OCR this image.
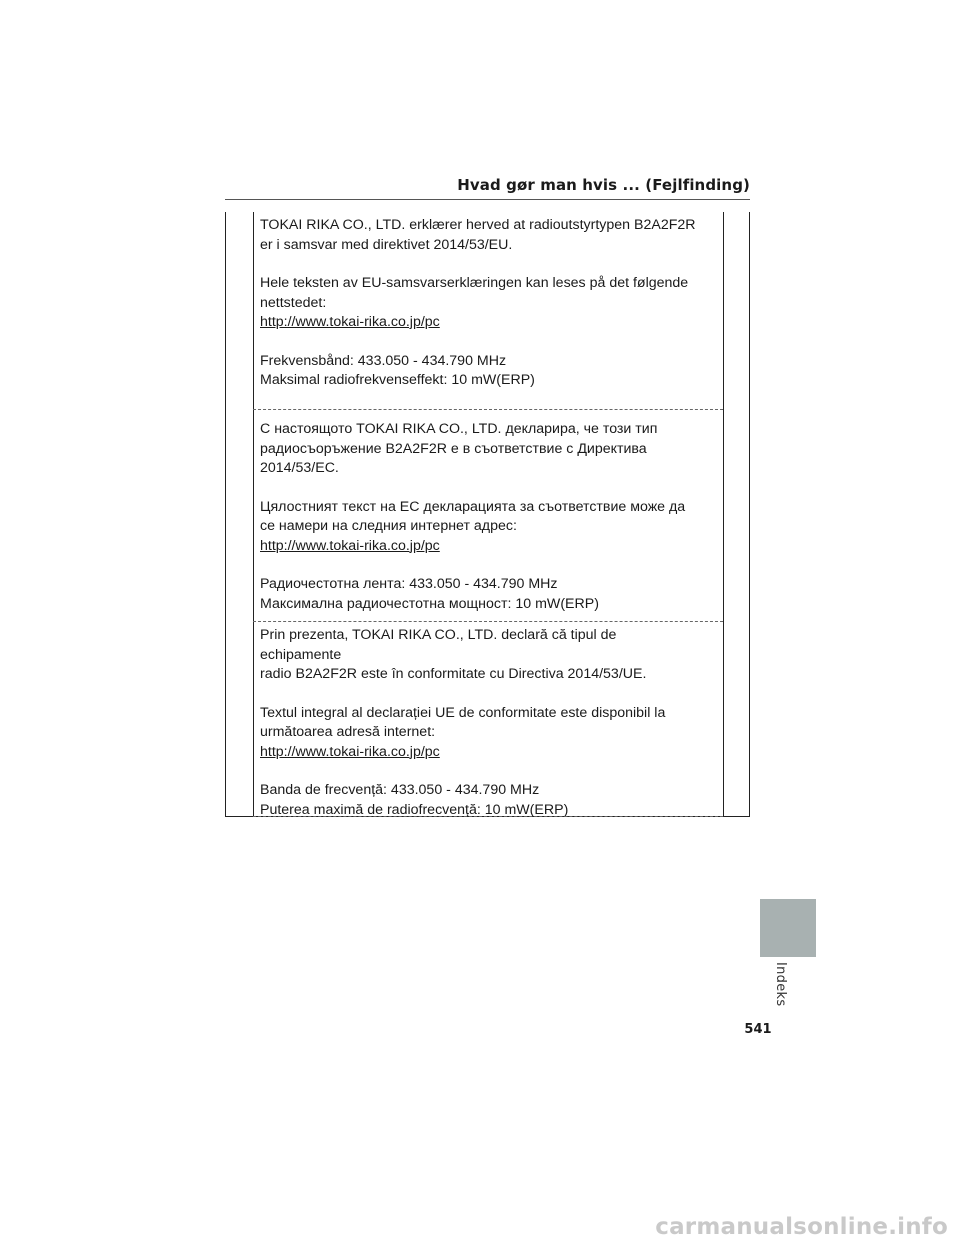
Hvad gør man hvis ... (Fejlfinding)

TOKAI RIKA CO., LTD. erklærer herved at radioutstyrtypen B2A2F2R

er i samsvar med direktivet 2014/53/EU.

Hele teksten av EU-samsvarserklæringen kan leses på det følgende

nettstedet:

http://www.tokai-rika.co.jp/pc

Frekvensbånd: 433.050 - 434.790 MHz

Maksimal radiofrekvenseffekt: 10 mW(ERP)

С настоящото TOKAI RIKA CO., LTD. декларира, че този тип

радиосъоръжение B2A2F2R е в съответствие с Директива

2014/53/ЕС.

Цялостният текст на ЕС декларацията за съответствие може да

се намери на следния интернет адрес:

http://www.tokai-rika.co.jp/pc

Радиочестотна лента: 433.050 - 434.790 MHz

Максимална радиочестотна мощност: 10 mW(ERP)

Prin prezenta, TOKAI RIKA CO., LTD. declară că tipul de echipamente

radio B2A2F2R este în conformitate cu Directiva 2014/53/UE.

Textul integral al declarației UE de conformitate este disponibil la

următoarea adresă internet:

http://www.tokai-rika.co.jp/pc

Banda de frecvență: 433.050 - 434.790 MHz

Puterea maximă de radiofrecvență: 10 mW(ERP)

Indeks
541
carmanualsonline.info
